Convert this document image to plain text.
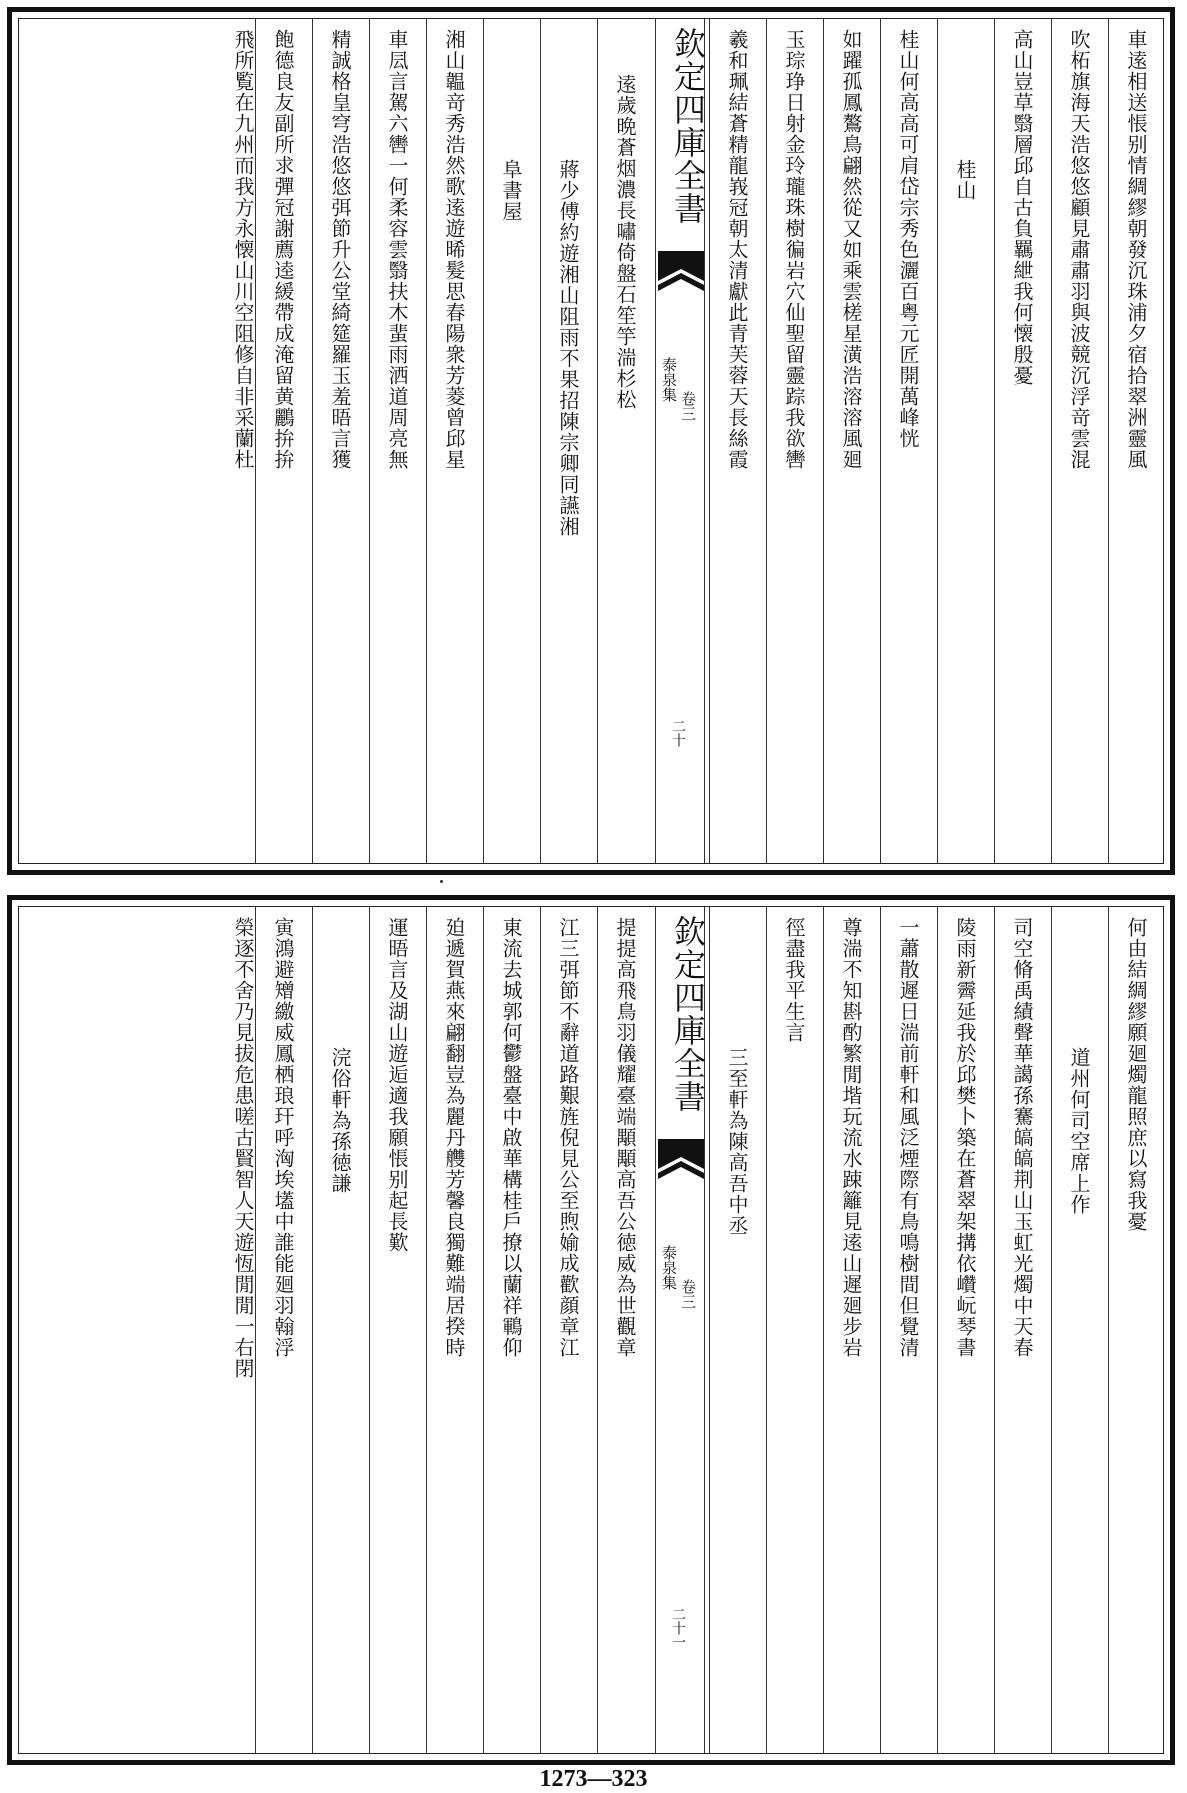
車逺相送悵别情綢繆朝發沉珠浦夕宿拾翠洲靈風
吹柘旗海天浩悠悠顧見肅肅羽與波競沉浮竒雲混
高山豈草翳層邱自古負羈紲我何懐殷憂
桂山
桂山何高高可肩岱宗秀色灑百粤元匠開萬峰恍
如躍孤鳳鷔鳥翩然從又如乘雲槎星潢浩溶溶風廻
玉琮琤日射金玲瓏珠樹徧岩穴仙聖留靈踪我欲轡
羲和珮結蒼精龍峩冠朝太清獻此青芙蓉天長絲霞
欽定四庫全書
泰泉集
卷三
二十
逺歲晩蒼烟濃長嘯倚盤石笙竽湍杉松
蔣少傅約遊湘山阻雨不果招陳宗卿同讌湘
阜書屋
湘山韞竒秀浩然歌逺遊晞髮思春陽衆芳菱曾邱星
車凨言駕六轡一何柔容雲翳扶木蜚雨洒道周亮無
精誠格皇穹浩悠悠弭節升公堂綺筵羅玉羞晤言獲
飽德良友副所求彈冠謝薦逵緩帶成淹留黄鸝拚拚
飛所覧在九州而我方永懐山川空阻修自非采蘭杜
何由結綢繆願廻燭龍照庶以寫我憂
道州何司空席上作
司空脩禹績聲華譪孫騫皜皜荆山玉虹光燭中天春
陵雨新霽延我於邱樊卜築在蒼翠架搆依巑岏琴書
一蕭散遲日湍前軒和風泛煙際有鳥鳴樹間但覺清
尊湍不知斟酌繁閒堦玩流水踈籬見逺山遲廻步岩
徑盡我平生言
三至軒為陳高吾中丞
欽定四庫全書
泰泉集
卷三
二十一
提提高飛鳥羽儀耀臺端顒顒高吾公徳威為世觀章
江三弭節不辭道路艱旌倪見公至煦媮成歡顔章江
東流去城郭何鬱盤臺中啟華構桂戶撩以蘭祥鶤仰
廹遞賀燕來翩翻豈為麗丹艭芳馨良獨難端居揆時
運晤言及湖山遊逅適我願悵别起長歎
浣俗軒為孫徳謙
寅鴻避矰繳威鳳栖琅玕呼洶埃壒中誰能廻羽翰浮
榮逐不舍乃見拔危患嗟古賢智人天遊恆閒閒一右閉
1273—323
